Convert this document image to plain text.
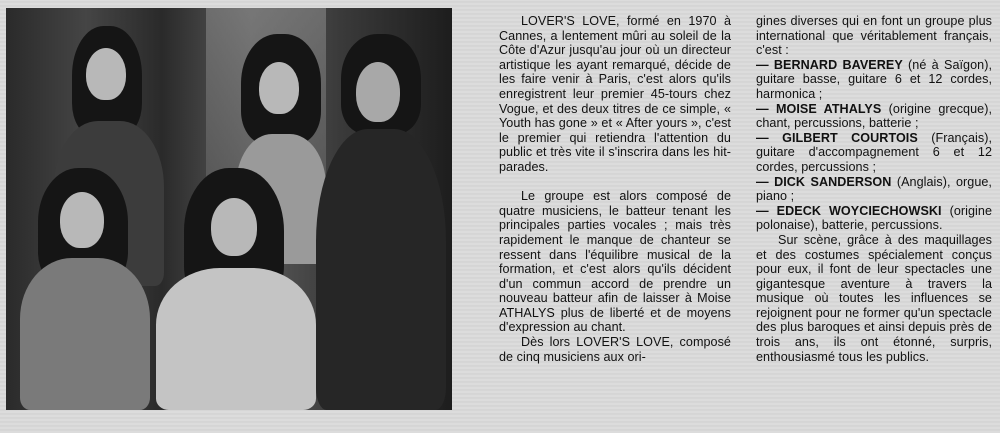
LOVER'S LOVE, formé en 1970 à Cannes, a lentement mûri au soleil de la Côte d'Azur jusqu'au jour où un directeur artistique les ayant remarqué, décide de les faire venir à Paris, c'est alors qu'ils enregistrent leur premier 45-tours chez Vogue, et des deux titres de ce simple, « Youth has gone » et « After yours », c'est le premier qui retiendra l'attention du public et très vite il s'inscrira dans les hit-parades.

Le groupe est alors composé de quatre musiciens, le batteur tenant les principales parties vocales ; mais très rapidement le manque de chanteur se ressent dans l'équilibre musical de la formation, et c'est alors qu'ils décident d'un commun accord de prendre un nouveau batteur afin de laisser à Moise ATHALYS plus de liberté et de moyens d'expression au chant.

Dès lors LOVER'S LOVE, composé de cinq musiciens aux ori-

gines diverses qui en font un groupe plus international que véritablement français, c'est :

— BERNARD BAVEREY (né à Saïgon), guitare basse, guitare 6 et 12 cordes, harmonica ;

— MOISE ATHALYS (origine grecque), chant, percussions, batterie ;

— GILBERT COURTOIS (Français), guitare d'accompagnement 6 et 12 cordes, percussions ;

— DICK SANDERSON (Anglais), orgue, piano ;

— EDECK WOYCIECHOWSKI (origine polonaise), batterie, percussions.

Sur scène, grâce à des maquillages et des costumes spécialement conçus pour eux, il font de leur spectacles une gigantesque aventure à travers la musique où toutes les influences se rejoignent pour ne former qu'un spectacle des plus baroques et ainsi depuis près de trois ans, ils ont étonné, surpris, enthousiasmé tous les publics.
